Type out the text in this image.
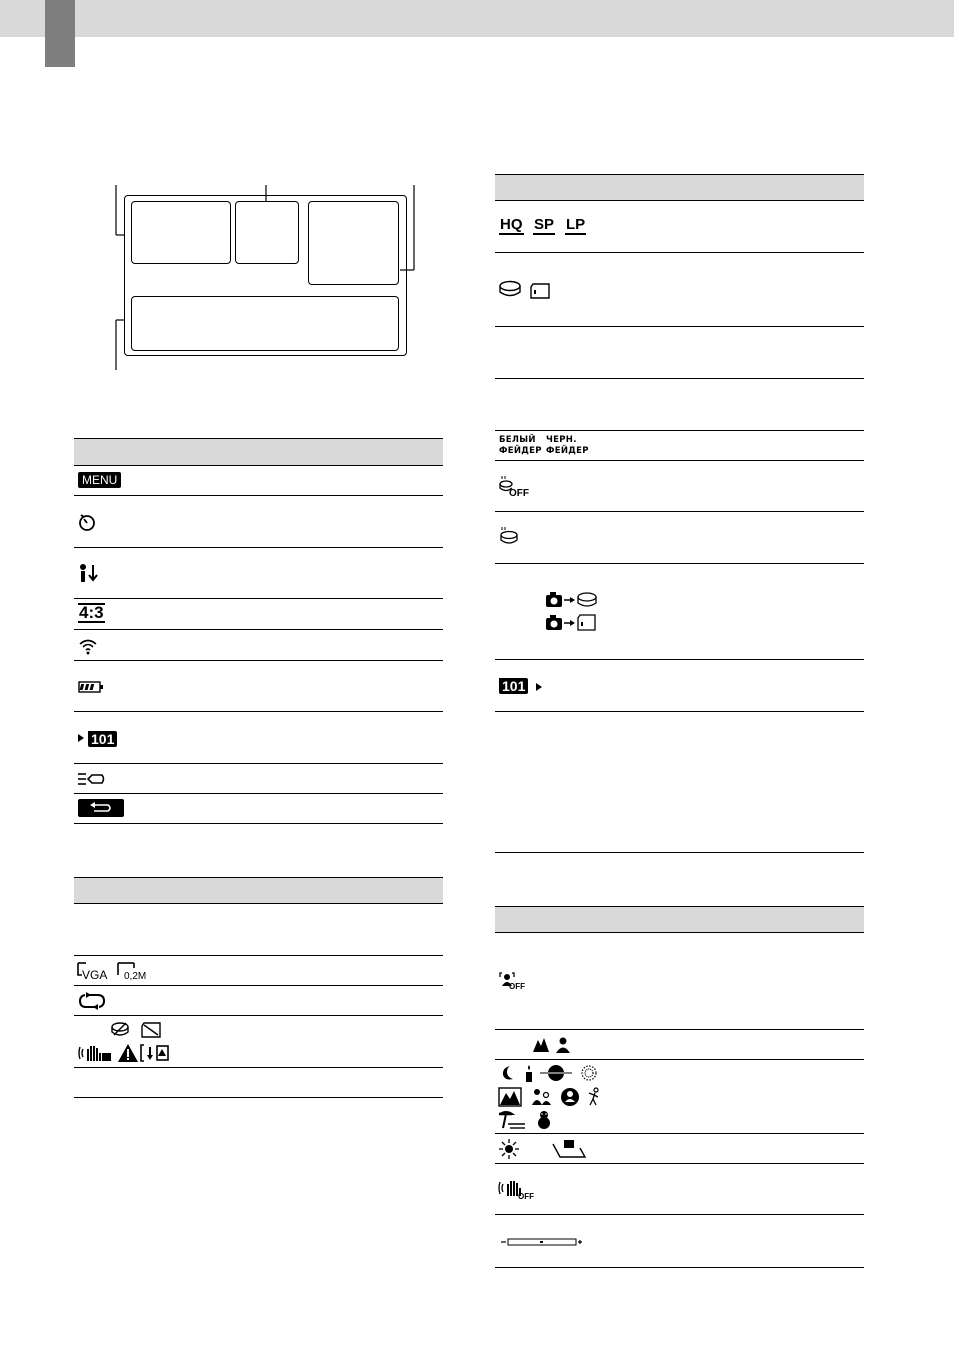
MENU
4:3
101
VGA 0,2M
HQ SP LP
БЕЛЫЙ
ФЕЙДЕР
ЧЕРН.
ФЕЙДЕР
OFF
101
OFF
OFF
